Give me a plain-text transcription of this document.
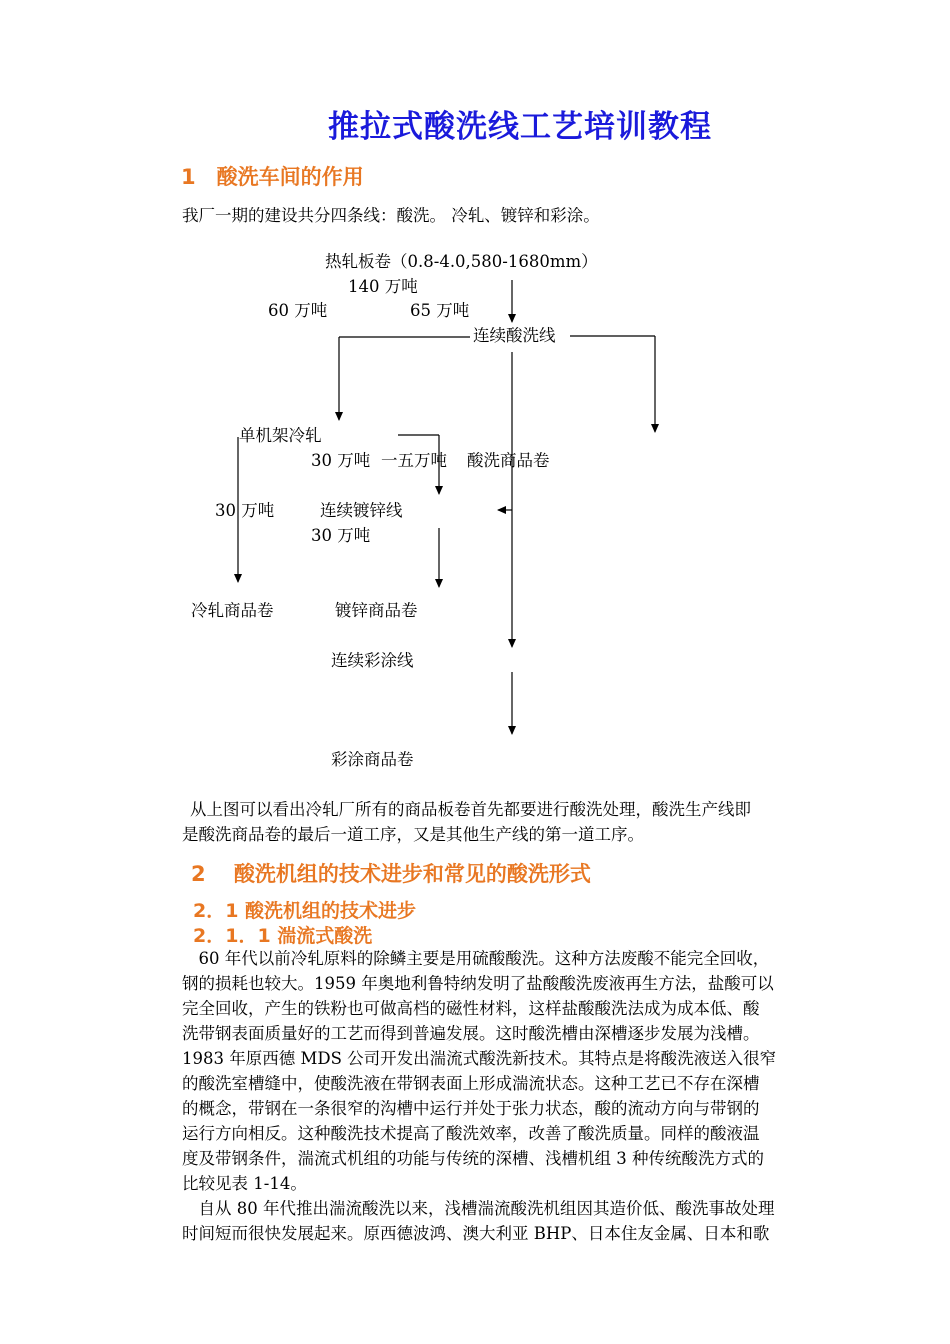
推拉式酸洗线工艺培训教程
1　酸洗车间的作用
我厂一期的建设共分四条线：酸洗。 冷轧、镀锌和彩涂。
热轧板卷（0.8-4.0,580-1680mm）
140 万吨
60 万吨	65 万吨
连续酸洗线
单机架冷轧
30 万吨 一五万吨 酸洗商品卷
30 万吨	连续镀锌线
30 万吨
冷轧商品卷	镀锌商品卷
连续彩涂线
彩涂商品卷

从上图可以看出冷轧厂所有的商品板卷首先都要进行酸洗处理，酸洗生产线即

是酸洗商品卷的最后一道工序，又是其他生产线的第一道工序。

2　 酸洗机组的技术进步和常见的酸洗形式
2．1 酸洗机组的技术进步
2．1．1 湍流式酸洗

　60 年代以前冷轧原料的除鳞主要是用硫酸酸洗。这种方法废酸不能完全回收，

钢的损耗也较大。1959 年奥地利鲁特纳发明了盐酸酸洗废液再生方法，盐酸可以

完全回收，产生的铁粉也可做高档的磁性材料，这样盐酸酸洗法成为成本低、酸

洗带钢表面质量好的工艺而得到普遍发展。这时酸洗槽由深槽逐步发展为浅槽。

1983 年原西德 MDS 公司开发出湍流式酸洗新技术。其特点是将酸洗液送入很窄

的酸洗室槽缝中，使酸洗液在带钢表面上形成湍流状态。这种工艺已不存在深槽

的概念，带钢在一条很窄的沟槽中运行并处于张力状态，酸的流动方向与带钢的

运行方向相反。这种酸洗技术提高了酸洗效率，改善了酸洗质量。同样的酸液温

度及带钢条件，湍流式机组的功能与传统的深槽、浅槽机组 3 种传统酸洗方式的

比较见表 1-14。

　自从 80 年代推出湍流酸洗以来，浅槽湍流酸洗机组因其造价低、酸洗事故处理

时间短而很快发展起来。原西德波鸿、澳大利亚 BHP、日本住友金属、日本和歌
